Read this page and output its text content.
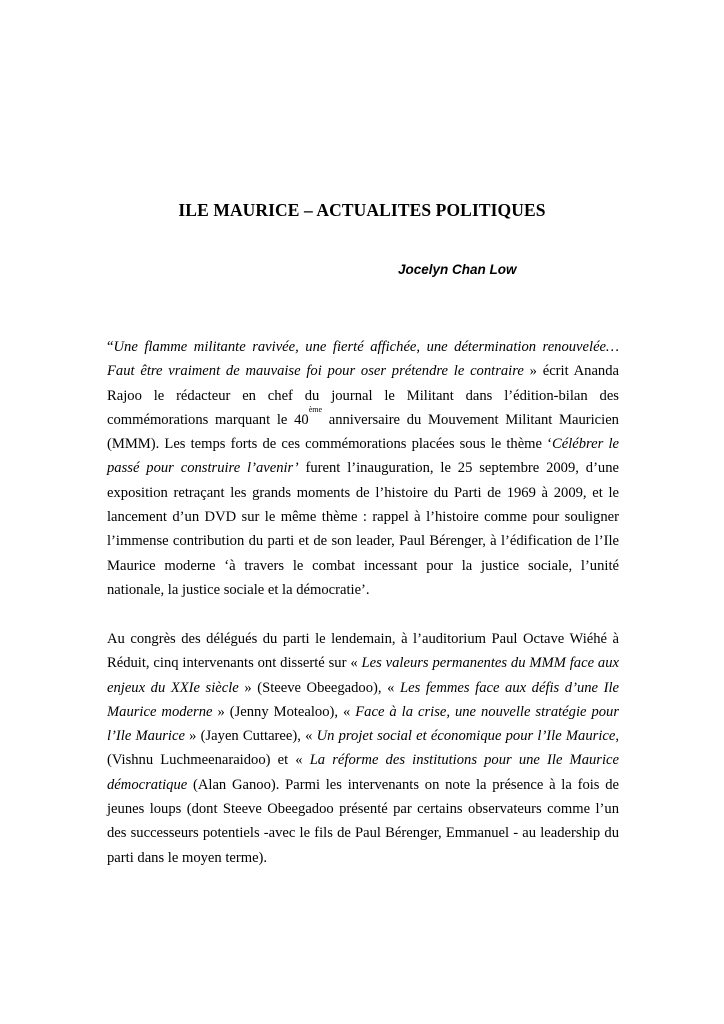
ILE MAURICE – ACTUALITES POLITIQUES

Jocelyn Chan Low

“Une flamme militante ravivée, une fierté affichée, une détermination renouvelée… Faut être vraiment de mauvaise foi pour oser prétendre le contraire » écrit Ananda Rajoo le rédacteur en chef du journal le Militant dans l’édition-bilan des commémorations marquant le 40ème anniversaire du Mouvement Militant Mauricien (MMM). Les temps forts de ces commémorations placées sous le thème ‘Célébrer le passé pour construire l’avenir’ furent l’inauguration, le 25 septembre 2009, d’une exposition retraçant les grands moments de l’histoire du Parti de 1969 à 2009, et le lancement d’un DVD sur le même thème : rappel à l’histoire comme pour souligner l’immense contribution du parti et de son leader, Paul Bérenger, à l’édification de l’Ile Maurice moderne ‘à travers le combat incessant pour la justice sociale, l’unité nationale, la justice sociale et la démocratie’.

Au congrès des délégués du parti le lendemain, à l’auditorium Paul Octave Wiéhé à Réduit, cinq intervenants ont disserté sur « Les valeurs permanentes du MMM face aux enjeux du XXIe siècle » (Steeve Obeegadoo), « Les femmes face aux défis d’une Ile Maurice moderne » (Jenny Motealoo), « Face à la crise, une nouvelle stratégie pour l’Ile Maurice » (Jayen Cuttaree), « Un projet social et économique pour l’Ile Maurice, (Vishnu Luchmeenaraidoo) et « La réforme des institutions pour une Ile Maurice démocratique (Alan Ganoo). Parmi les intervenants on note la présence à la fois de jeunes loups (dont Steeve Obeegadoo présenté par certains observateurs comme l’un des successeurs potentiels -avec le fils de Paul Bérenger, Emmanuel - au leadership du parti dans le moyen terme).
